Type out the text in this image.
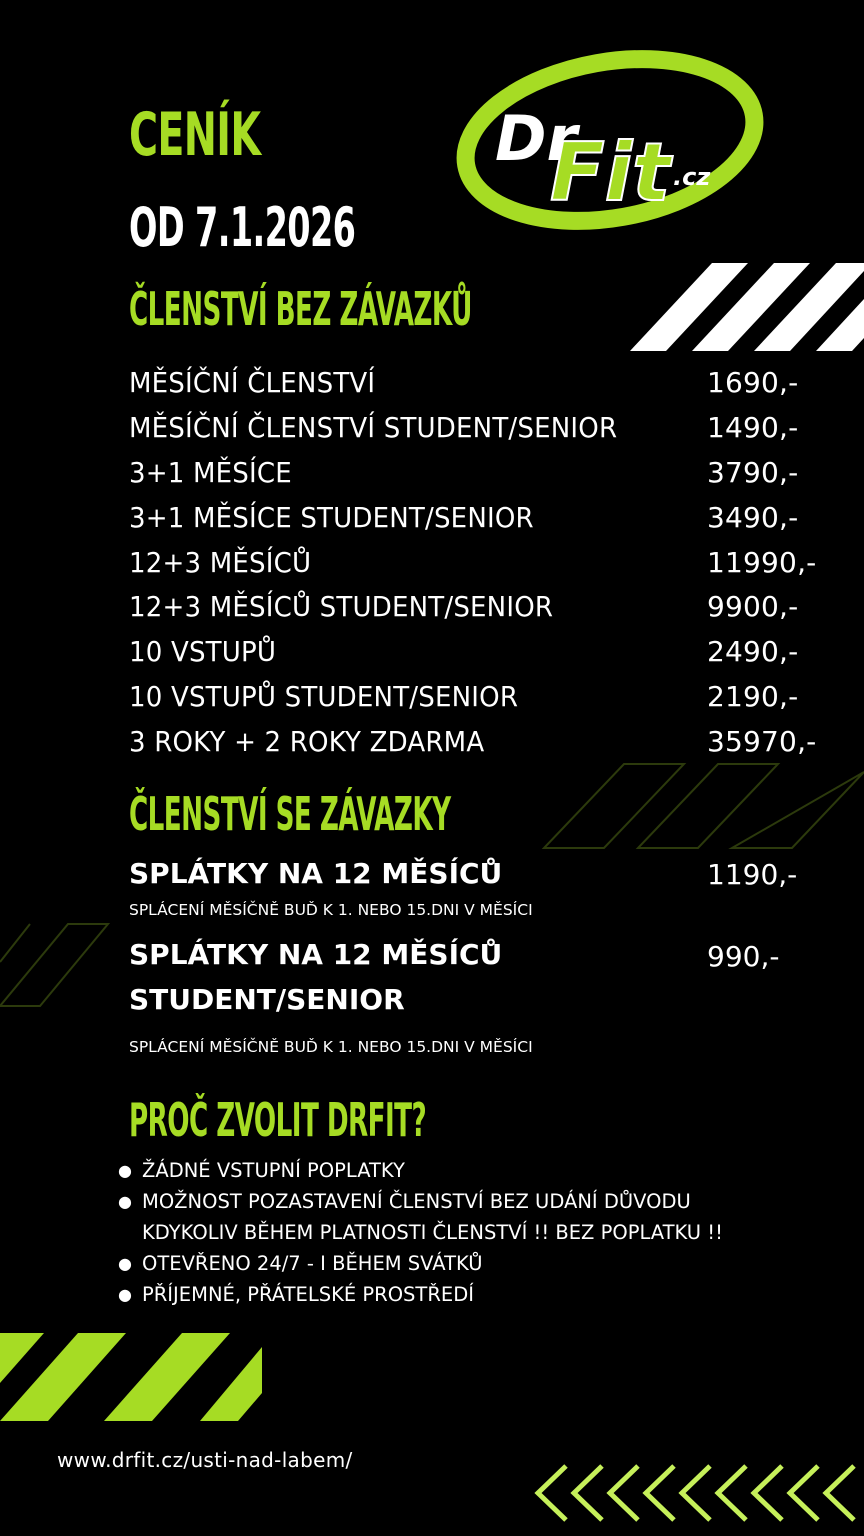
Dr
Fit .cz
CENÍK
OD 7.1.2026
ČLENSTVÍ BEZ ZÁVAZKŮ
MĚSÍČNÍ ČLENSTVÍ	1690,-
MĚSÍČNÍ ČLENSTVÍ STUDENT/SENIOR	1490,-
3+1 MĚSÍCE	3790,-
3+1 MĚSÍCE STUDENT/SENIOR	3490,-
12+3 MĚSÍCŮ	11990,-
12+3 MĚSÍCŮ STUDENT/SENIOR	9900,-
10 VSTUPŮ	2490,-
10 VSTUPŮ STUDENT/SENIOR	2190,-
3 ROKY + 2 ROKY ZDARMA	35970,-
ČLENSTVÍ SE ZÁVAZKY
SPLÁTKY NA 12 MĚSÍCŮ	1190,-
SPLÁCENÍ MĚSÍČNĚ BUĎ K 1. NEBO 15.DNI V MĚSÍCI
SPLÁTKY NA 12 MĚSÍCŮ	990,-
STUDENT/SENIOR
SPLÁCENÍ MĚSÍČNĚ BUĎ K 1. NEBO 15.DNI V MĚSÍCI
PROČ ZVOLIT DRFIT?
● ŽÁDNÉ VSTUPNÍ POPLATKY
● MOŽNOST POZASTAVENÍ ČLENSTVÍ BEZ UDÁNÍ DŮVODU
KDYKOLIV BĚHEM PLATNOSTI ČLENSTVÍ !! BEZ POPLATKU !!
● OTEVŘENO 24/7 - I BĚHEM SVÁTKŮ
● PŘÍJEMNÉ, PŘÁTELSKÉ PROSTŘEDÍ
www.drfit.cz/usti-nad-labem/
